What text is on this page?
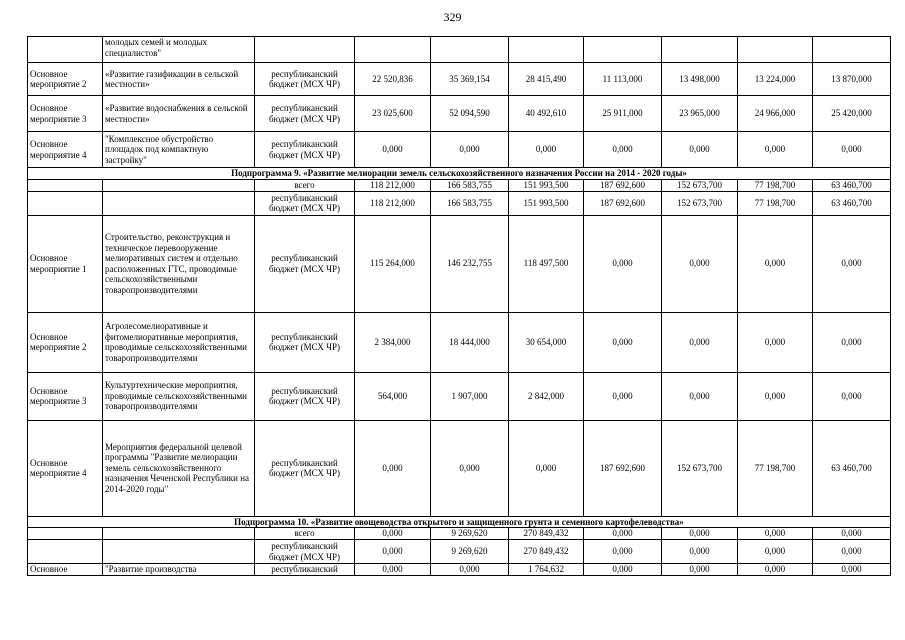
329
	молодых семей и молодых специалистов"								
Основное мероприятие 2	«Развитие газификации в сельской местности»	республиканский бюджет (МСХ ЧР)	22 520,836	35 369,154	28 415,490	11 113,000	13 498,000	13 224,000	13 870,000
Основное мероприятие 3	«Развитие водоснабжения в сельской местности»	республиканский бюджет (МСХ ЧР)	23 025,600	52 094,590	40 492,610	25 911,000	23 965,000	24 966,000	25 420,000
Основное мероприятие 4	"Комплексное обустройство площадок под компактную застройку"	республиканский бюджет (МСХ ЧР)	0,000	0,000	0,000	0,000	0,000	0,000	0,000
Подпрограмма 9. «Развитие мелиорации земель сельскохозяйственного назначения России на 2014 - 2020 годы»									
		всего	118 212,000	166 583,755	151 993,500	187 692,600	152 673,700	77 198,700	63 460,700
		республиканский бюджет (МСХ ЧР)	118 212,000	166 583,755	151 993,500	187 692,600	152 673,700	77 198,700	63 460,700
Основное мероприятие 1	Строительство, реконструкция и техническое перевооружение мелиоративных систем и отдельно расположенных ГТС, проводимые сельскохозяйственными товаропроизводителями	республиканский бюджет (МСХ ЧР)	115 264,000	146 232,755	118 497,500	0,000	0,000	0,000	0,000
Основное мероприятие 2	Агролесомелиоративные и фитомелиоративные мероприятия, проводимые сельскохозяйственными товаропроизводителями	республиканский бюджет (МСХ ЧР)	2 384,000	18 444,000	30 654,000	0,000	0,000	0,000	0,000
Основное мероприятие 3	Культуртехнические мероприятия, проводимые сельскохозяйственными товаропроизводителями	республиканский бюджет (МСХ ЧР)	564,000	1 907,000	2 842,000	0,000	0,000	0,000	0,000
Основное мероприятие 4	Мероприятия федеральной целевой программы "Развитие мелиорации земель сельскохозяйственного назначения Чеченской Республики на 2014-2020 годы"	республиканский бюджет (МСХ ЧР)	0,000	0,000	0,000	187 692,600	152 673,700	77 198,700	63 460,700
Подпрограмма 10. «Развитие овощеводства открытого и защищенного грунта и семенного картофелеводства»									
		всего	0,000	9 269,620	270 849,432	0,000	0,000	0,000	0,000
		республиканский бюджет (МСХ ЧР)	0,000	9 269,620	270 849,432	0,000	0,000	0,000	0,000
Основное	"Развитие производства	республиканский	0,000	0,000	1 764,632	0,000	0,000	0,000	0,000
